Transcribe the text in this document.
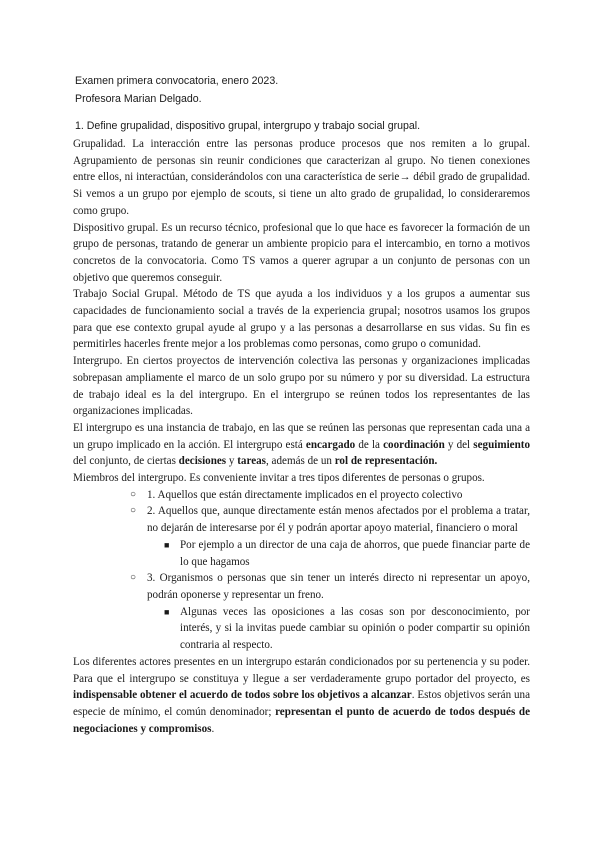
Examen primera convocatoria, enero 2023.
Profesora Marian Delgado.
1. Define grupalidad, dispositivo grupal, intergrupo y trabajo social grupal.

Grupalidad. La interacción entre las personas produce procesos que nos remiten a lo grupal. Agrupamiento de personas sin reunir condiciones que caracterizan al grupo. No tienen conexiones entre ellos, ni interactúan, considerándolos con una característica de serie→ débil grado de grupalidad. Si vemos a un grupo por ejemplo de scouts, si tiene un alto grado de grupalidad, lo consideraremos como grupo.

Dispositivo grupal. Es un recurso técnico, profesional que lo que hace es favorecer la formación de un grupo de personas, tratando de generar un ambiente propicio para el intercambio, en torno a motivos concretos de la convocatoria. Como TS vamos a querer agrupar a un conjunto de personas con un objetivo que queremos conseguir.

Trabajo Social Grupal. Método de TS que ayuda a los individuos y a los grupos a aumentar sus capacidades de funcionamiento social a través de la experiencia grupal; nosotros usamos los grupos para que ese contexto grupal ayude al grupo y a las personas a desarrollarse en sus vidas. Su fin es permitirles hacerles frente mejor a los problemas como personas, como grupo o comunidad.

Intergrupo. En ciertos proyectos de intervención colectiva las personas y organizaciones implicadas sobrepasan ampliamente el marco de un solo grupo por su número y por su diversidad. La estructura de trabajo ideal es la del intergrupo. En el intergrupo se reúnen todos los representantes de las organizaciones implicadas.

El intergrupo es una instancia de trabajo, en las que se reúnen las personas que representan cada una a un grupo implicado en la acción. El intergrupo está encargado de la coordinación y del seguimiento del conjunto, de ciertas decisiones y tareas, además de un rol de representación.

Miembros del intergrupo. Es conveniente invitar a tres tipos diferentes de personas o grupos.

○ 1. Aquellos que están directamente implicados en el proyecto colectivo
○ 2. Aquellos que, aunque directamente están menos afectados por el problema a tratar, no dejarán de interesarse por él y podrán aportar apoyo material, financiero o moral
■ Por ejemplo a un director de una caja de ahorros, que puede financiar parte de lo que hagamos
○ 3. Organismos o personas que sin tener un interés directo ni representar un apoyo, podrán oponerse y representar un freno.
■ Algunas veces las oposiciones a las cosas son por desconocimiento, por interés, y si la invitas puede cambiar su opinión o poder compartir su opinión contraria al respecto.

Los diferentes actores presentes en un intergrupo estarán condicionados por su pertenencia y su poder. Para que el intergrupo se constituya y llegue a ser verdaderamente grupo portador del proyecto, es indispensable obtener el acuerdo de todos sobre los objetivos a alcanzar. Estos objetivos serán una especie de mínimo, el común denominador; representan el punto de acuerdo de todos después de negociaciones y compromisos.
